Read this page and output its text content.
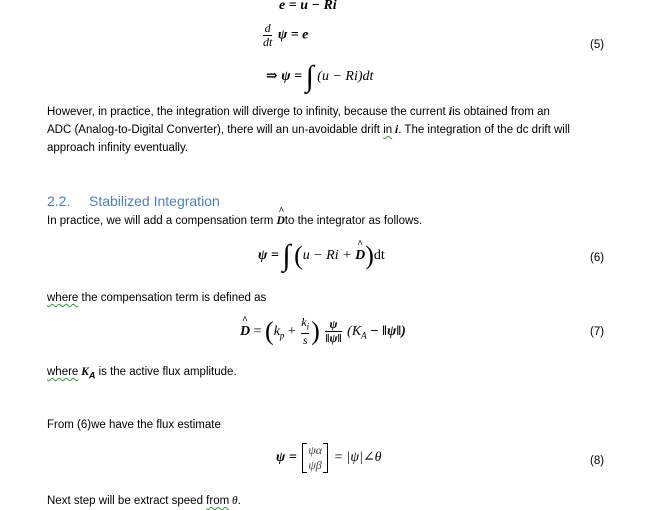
e = u − Ri
$\frac{d}{dt}$ ψ = e
⇒ ψ = ∫ (u − Ri)dt
(5)
However, in practice, the integration will diverge to infinity, because the current iis obtained from an
ADC (Analog-to-Digital Converter), there will an un-avoidable drift in i. The integration of the dc drift will
approach infinity eventually.
2.2. Stabilized Integration
In practice, we will add a compensation term ^ Dto the integrator as follows.
ψ = ∫ (u − Ri + ^ D)dt	(6)
where the compensation term is defined as
^ $D = (k_p + \frac{k_i}{s}$ ) $\frac{\psi}{‖\psi‖} (K_A$ − ‖ψ‖)	(7)
where $K_A$ is the active flux amplitude.
From (6)we have the flux estimate
ψ =
ψα
ψβ = |ψ|∠θ	(8)
Next step will be extract speed from θ.
